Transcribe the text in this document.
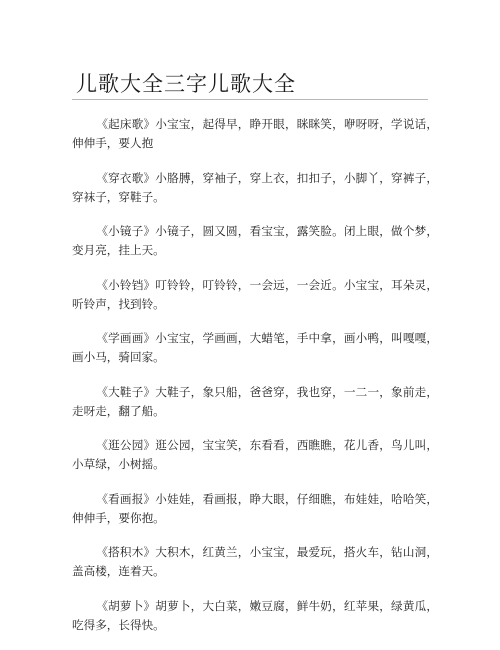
儿歌大全三字儿歌大全

《起床歌》小宝宝，起得早，睁开眼，眯眯笑，咿呀呀，学说话，伸伸手，要人抱

《穿衣歌》小胳膊，穿袖子，穿上衣，扣扣子，小脚丫，穿裤子，穿袜子，穿鞋子。

《小镜子》小镜子，圆又圆，看宝宝，露笑脸。闭上眼，做个梦，变月亮，挂上天。

《小铃铛》叮铃铃，叮铃铃，一会远，一会近。小宝宝，耳朵灵，听铃声，找到铃。

《学画画》小宝宝，学画画，大蜡笔，手中拿，画小鸭，叫嘎嘎，画小马，骑回家。

《大鞋子》大鞋子，象只船，爸爸穿，我也穿，一二一，象前走，走呀走，翻了船。

《逛公园》逛公园，宝宝笑，东看看，西瞧瞧，花儿香，鸟儿叫，小草绿，小树摇。

《看画报》小娃娃，看画报，睁大眼，仔细瞧，布娃娃，哈哈笑，伸伸手，要你抱。

《搭积木》大积木，红黄兰，小宝宝，最爱玩，搭火车，钻山洞，盖高楼，连着天。

《胡萝卜》胡萝卜，大白菜，嫩豆腐，鲜牛奶，红苹果，绿黄瓜，吃得多，长得快。
